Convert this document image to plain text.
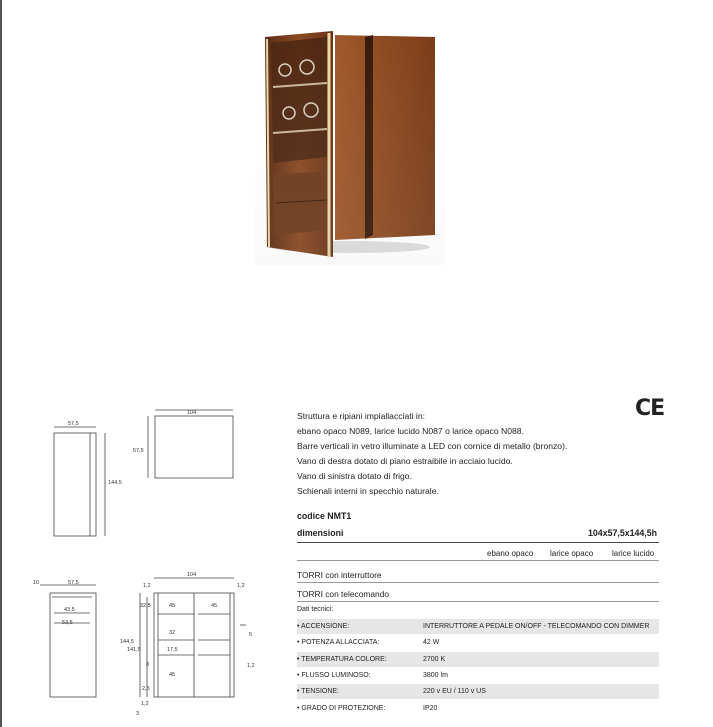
CE
Struttura e ripiani impiallacciati in:
ebano opaco N089, larice lucido N087 o larice opaco N088.
Barre verticali in vetro illuminate a LED con cornice di metallo (bronzo).
Vano di destra dotato di piano estraibile in acciaio lucido.
Vano di sinistra dotato di frigo.
Schienali interni in specchio naturale.
codice NMT1
dimensioni	104x57,5x144,5h
ebano opaco larice opaco larice lucido
TORRI con interruttore
TORRI con telecomando
Dati tecnici:
• ACCENSIONE:	INTERRUTTORE A PEDALE ON/OFF - TELECOMANDO CON DIMMER
• POTENZA ALLACCIATA:	42 W
• TEMPERATURA COLORE:	2700 K
• FLUSSO LUMINOSO:	3800 lm
• TENSIONE:	220 v EU / 110 v US
• GRADO DI PROTEZIONE:	IP20
57,5
144,5
104
57,5
10	57,5
43,5
53,5
104
1,2	1,2
32,5	45	45
32
144,5
141,5	17,5
3
45
2,5
1,2
3
5
1,2
